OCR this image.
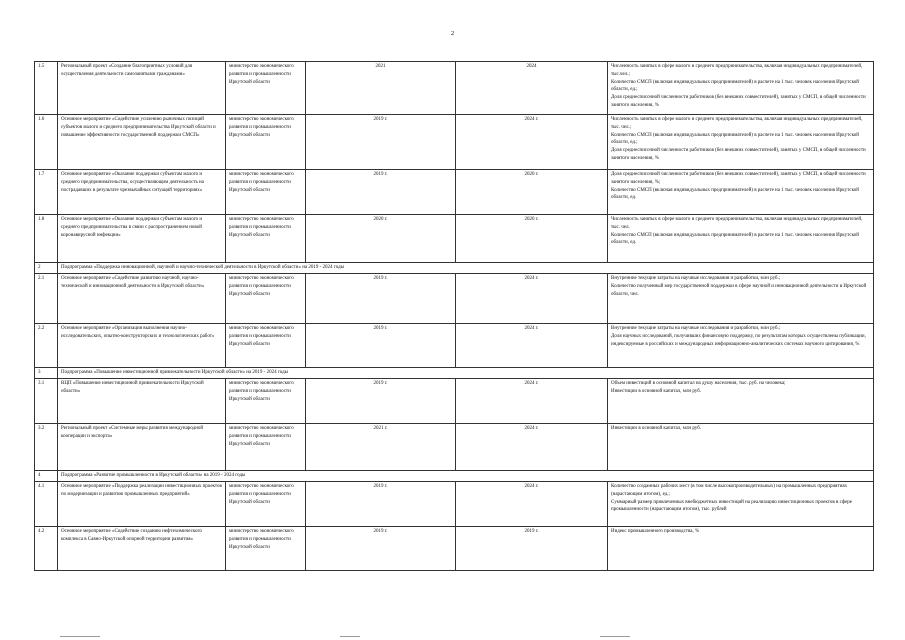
2
1.5	Региональный проект «Создание благоприятных условий для осуществления деятельности самозанятыми гражданами»	министерство экономического развития и промышленности Иркутской области	2021	2024	Численность занятых в сфере малого и среднего предпринимательства, включая индивидуальных предпринимателей, тыс.чел.;
Количество СМСП (включая индивидуальных предпринимателей) в расчете на 1 тыс. человек населения Иркутской области, ед.;
Доля среднесписочной численности работников (без внешних совместителей), занятых у СМСП, в общей численности занятого населения, %

1.6	Основное мероприятие «Содействие усилению рыночных позиций субъектов малого и среднего предпринимательства Иркутской области и повышение эффективности государственной поддержки СМСП»	министерство экономического развития и промышленности Иркутской области	2019 г.	2024 г.	Численность занятых в сфере малого и среднего предпринимательства, включая индивидуальных предпринимателей, тыс. чел.;
Количество СМСП (включая индивидуальных предпринимателей) в расчете на 1 тыс. человек населения Иркутской области, ед.;
Доля среднесписочной численности работников (без внешних совместителей), занятых у СМСП, в общей численности занятого населения, %

1.7	Основное мероприятие «Оказание поддержки субъектам малого и среднего предпринимательства, осуществляющим деятельность на пострадавших в результате чрезвычайных ситуаций территориях»	министерство экономического развития и промышленности Иркутской области	2019 г.	2020 г.	Доля среднесписочной численности работников (без внешних совместителей), занятых у СМСП, в общей численности занятого населения, %;
Количество СМСП (включая индивидуальных предпринимателей) в расчете на 1 тыс. человек населения Иркутской области, ед.

1.8	Основное мероприятие «Оказание поддержки субъектам малого и среднего предпринимательства в связи с распространением новой коронавирусной инфекции»	министерство экономического развития и промышленности Иркутской области	2020 г.	2020 г.	Численность занятых в сфере малого и среднего предпринимательства, включая индивидуальных предпринимателей, тыс. чел.
Количество СМСП (включая индивидуальных предпринимателей) в расчете на 1 тыс. человек населения Иркутской области, ед.

2	Подпрограмма «Поддержка инновационной, научной и научно-технической деятельности в Иркутской области» на 2019 - 2024 годы				
2.1	Основное мероприятие «Содействие развитию научной, научно-технической и инновационной деятельности в Иркутской области»	министерство экономического развития и промышленности Иркутской области	2019 г.	2024 г.	Внутренние текущие затраты на научные исследования и разработки, млн руб.;
Количество полученный мер государственной поддержки в сфере научной и инновационной деятельности в Иркутской области, чел.

2.2	Основное мероприятие «Организация выполнения научно-исследовательских, опытно-конструкторских и технологических работ»	министерство экономического развития и промышленности Иркутской области	2019 г.	2024 г.	Внутренние текущие затраты на научные исследования и разработки, млн руб.;
Доля научных исследований, получивших финансовую поддержку, по результатам которых осуществлены публикации, индексируемые в российских и международных информационно-аналитических системах научного цитирования, %

3	Подпрограмма «Повышение инвестиционной привлекательности Иркутской области» на 2019 - 2024 годы				
3.1	ВЦП «Повышение инвестиционной привлекательности Иркутской области»	министерство экономического развития и промышленности Иркутской области	2019 г.	2024 г.	Объем инвестиций в основной капитал на душу населения, тыс. руб. на человека;
Инвестиции в основной капитал, млн руб.

3.2	Региональный проект «Системные меры развития международной кооперации и экспорта»	министерство экономического развития и промышленности Иркутской области	2021 г.	2024 г.	Инвестиции в основной капитал, млн руб.

4	Подпрограмма «Развитие промышленности в Иркутской области» на 2019 - 2024 годы				
4.1	Основное мероприятие «Поддержка реализации инвестиционных проектов по модернизации и развитию промышленных предприятий»	министерство экономического развития и промышленности Иркутской области	2019 г.	2024 г.	Количество созданных рабочих мест (в том числе высокопроизводительных) на промышленных предприятиях (нарастающим итогом), ед.;
Суммарный размер привлеченных внебюджетных инвестиций на реализацию инвестиционных проектов в сфере промышленности (нарастающим итогом), тыс. рублей

4.2	Основное мероприятие «Содействие созданию нефтехимического комплекса в Саяно-Иркутской опорной территории развития»	министерство экономического развития и промышленности Иркутской области	2019 г.	2019 г.	Индекс промышленного производства, %
